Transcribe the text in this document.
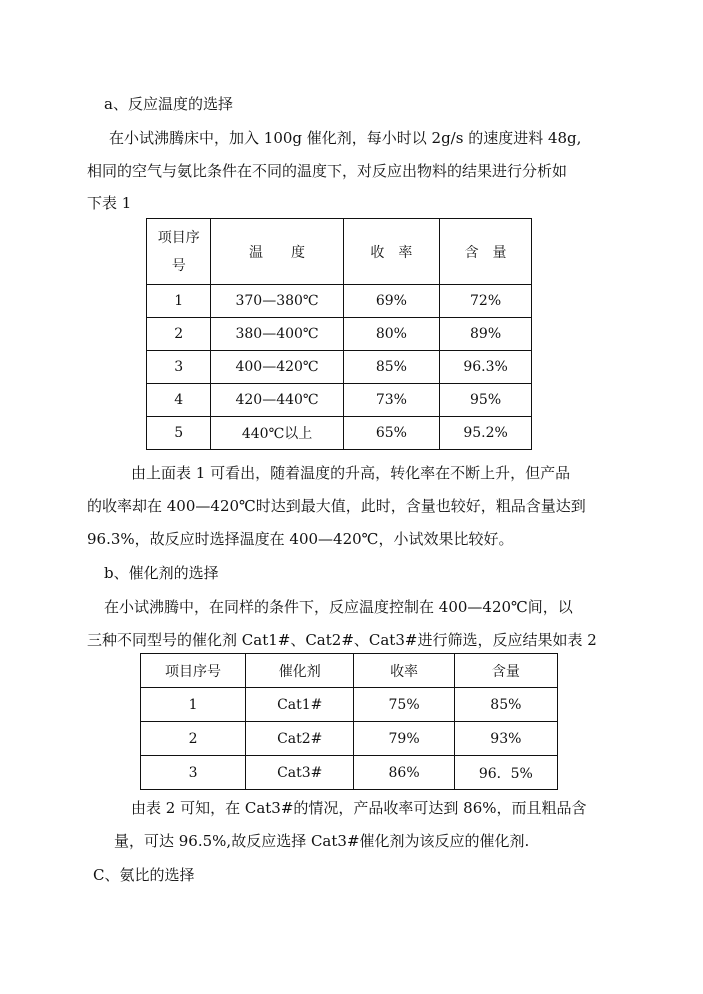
a、反应温度的选择
在小试沸腾床中，加入 100g 催化剂，每小时以 2g/s 的速度进料 48g,
相同的空气与氨比条件在不同的温度下，对反应出物料的结果进行分析如
下表 1
项目序
号	温　　度	收　率	含　量
1	370—380℃	69%	72%
2	380—400℃	80%	89%
3	400—420℃	85%	96.3%
4	420—440℃	73%	95%
5	440℃以上	65%	95.2%
由上面表 1 可看出，随着温度的升高，转化率在不断上升，但产品
的收率却在 400—420℃时达到最大值，此时，含量也较好，粗品含量达到
96.3%，故反应时选择温度在 400—420℃，小试效果比较好。
b、催化剂的选择
在小试沸腾中，在同样的条件下，反应温度控制在 400—420℃间，以
三种不同型号的催化剂 Cat1#、Cat2#、Cat3#进行筛选，反应结果如表 2
项目序号	催化剂	收率	含量
1	Cat1#	75%	85%
2	Cat2#	79%	93%
3	Cat3#	86%	96．5%
由表 2 可知，在 Cat3#的情况，产品收率可达到 86%，而且粗品含
量，可达 96.5%,故反应选择 Cat3#催化剂为该反应的催化剂.
C、氨比的选择
